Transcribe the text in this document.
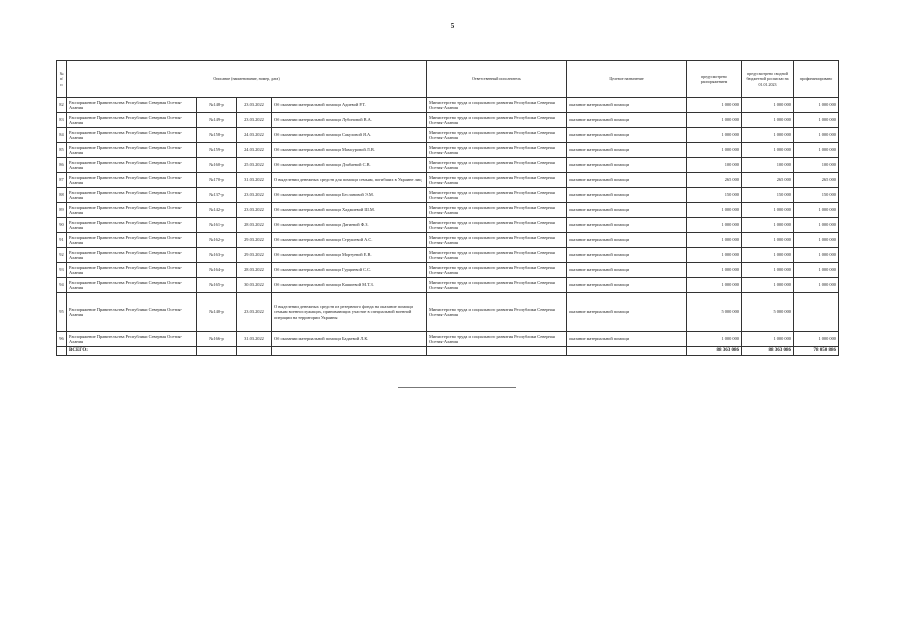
5
№ п/п	Описание (наименование, номер, дата)				Ответственный исполнитель	Целевое назначение	предусмотрено распоряжением	предусмотрено сводной бюджетной росписью на 01.01.2023	профинансировано
82	Распоряжение Правительства Республики Северная Осетия-Алания	№148-р	23.03.2022	Об оказании материальной помощи Адиевой Р.Т.	Министерство труда и социального развития Республики Северная Осетия-Алания	оказание материальной помощи	1 000 000	1 000 000	1 000 000
83	Распоряжение Правительства Республики Северная Осетия-Алания	№149-р	23.03.2022	Об оказании материальной помощи Лубоновой В.А.	Министерство труда и социального развития Республики Северная Осетия-Алания	оказание материальной помощи	1 000 000	1 000 000	1 000 000
84	Распоряжение Правительства Республики Северная Осетия-Алания	№158-р	24.03.2022	Об оказании материальной помощи Сакуловой Я.А.	Министерство труда и социального развития Республики Северная Осетия-Алания	оказание материальной помощи	1 000 000	1 000 000	1 000 000
85	Распоряжение Правительства Республики Северная Осетия-Алания	№159-р	24.03.2022	Об оказании материальной помощи Мамсуровой Л.В.	Министерство труда и социального развития Республики Северная Осетия-Алания	оказание материальной помощи	1 000 000	1 000 000	1 000 000
86	Распоряжение Правительства Республики Северная Осетия-Алания	№160-р	25.03.2022	Об оказании материальной помощи Дзабаевой С.В.	Министерство труда и социального развития Республики Северная Осетия-Алания	оказание материальной помощи	100 000	100 000	100 000
87	Распоряжение Правительства Республики Северная Осетия-Алания	№170-р	31.03.2022	О выделении денежных средств для помощи семьям, погибших в Украине лиц	Министерство труда и социального развития Республики Северная Осетия-Алания	оказание материальной помощи	265 000	265 000	265 000
88	Распоряжение Правительства Республики Северная Осетия-Алания	№137-р	23.03.2022	Об оказании материальной помощи Беслановой Э.М.	Министерство труда и социального развития Республики Северная Осетия-Алания	оказание материальной помощи	150 000	150 000	150 000
89	Распоряжение Правительства Республики Северная Осетия-Алания	№142-р	23.03.2022	Об оказании материальной помощи Хаджиевой Ш.М.	Министерство труда и социального развития Республики Северная Осетия-Алания	оказание материальной помощи	1 000 000	1 000 000	1 000 000
90	Распоряжение Правительства Республики Северная Осетия-Алания	№161-р	28.03.2022	Об оказании материальной помощи Датиевой Ф.З.	Министерство труда и социального развития Республики Северная Осетия-Алания	оказание материальной помощи	1 000 000	1 000 000	1 000 000
91	Распоряжение Правительства Республики Северная Осетия-Алания	№162-р	29.03.2022	Об оказании материальной помощи Струшевой А.С.	Министерство труда и социального развития Республики Северная Осетия-Алания	оказание материальной помощи	1 000 000	1 000 000	1 000 000
92	Распоряжение Правительства Республики Северная Осетия-Алания	№163-р	29.03.2022	Об оказании материальной помощи Мортуевой Е.В.	Министерство труда и социального развития Республики Северная Осетия-Алания	оказание материальной помощи	1 000 000	1 000 000	1 000 000
93	Распоряжение Правительства Республики Северная Осетия-Алания	№164-р	28.03.2022	Об оказании материальной помощи Гурциевой С.С.	Министерство труда и социального развития Республики Северная Осетия-Алания	оказание материальной помощи	1 000 000	1 000 000	1 000 000
94	Распоряжение Правительства Республики Северная Осетия-Алания	№165-р	30.03.2022	Об оказании материальной помощи Кашиевой М.Т.З.	Министерство труда и социального развития Республики Северная Осетия-Алания	оказание материальной помощи	1 000 000	1 000 000	1 000 000
95	Распоряжение Правительства Республики Северная Осетия-Алания	№140-р	23.03.2022	О выделении денежных средств из резервного фонда на оказание помощи семьям военнослужащих, принимающих участие в специальной военной операции на территории Украины	Министерство труда и социального развития Республики Северная Осетия-Алания	оказание материальной помощи	5 000 000	5 000 000	
96	Распоряжение Правительства Республики Северная Осетия-Алания	№166-р	31.03.2022	Об оказании материальной помощи Бадаевой Л.К.	Министерство труда и социального развития Республики Северная Осетия-Алания	оказание материальной помощи	1 000 000	1 000 000	1 000 000
	ВСЕГО:						88 363 086	88 363 086	78 050 886
